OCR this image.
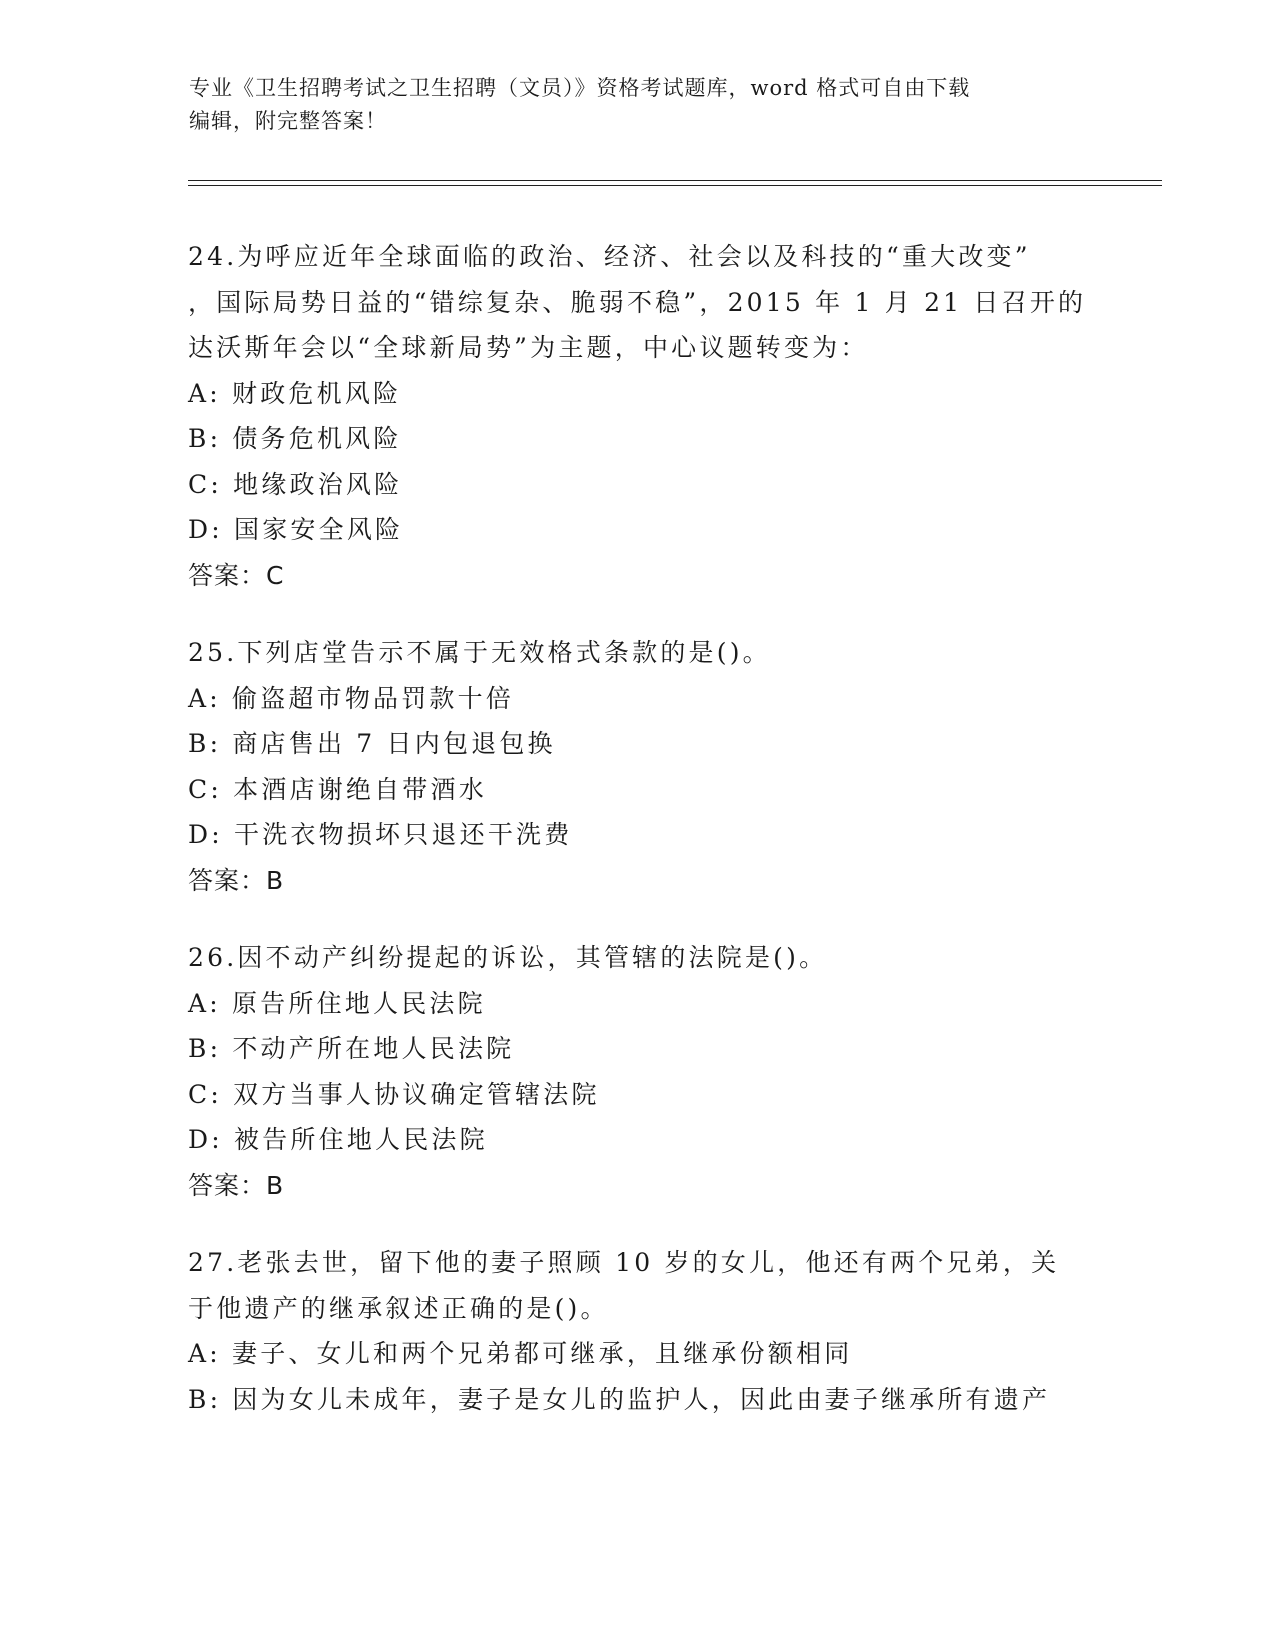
专业《卫生招聘考试之卫生招聘（文员）》资格考试题库，word 格式可自由下载
编辑，附完整答案！
24.为呼应近年全球面临的政治、经济、社会以及科技的“重大改变”
，国际局势日益的“错综复杂、脆弱不稳”，2015 年 1 月 21 日召开的
达沃斯年会以“全球新局势”为主题，中心议题转变为：
A: 财政危机风险
B: 债务危机风险
C: 地缘政治风险
D: 国家安全风险
答案：C
25.下列店堂告示不属于无效格式条款的是()。
A: 偷盗超市物品罚款十倍
B: 商店售出 7 日内包退包换
C: 本酒店谢绝自带酒水
D: 干洗衣物损坏只退还干洗费
答案：B
26.因不动产纠纷提起的诉讼，其管辖的法院是()。
A: 原告所住地人民法院
B: 不动产所在地人民法院
C: 双方当事人协议确定管辖法院
D: 被告所住地人民法院
答案：B
27.老张去世，留下他的妻子照顾 10 岁的女儿，他还有两个兄弟，关
于他遗产的继承叙述正确的是()。
A: 妻子、女儿和两个兄弟都可继承，且继承份额相同
B: 因为女儿未成年，妻子是女儿的监护人，因此由妻子继承所有遗产
